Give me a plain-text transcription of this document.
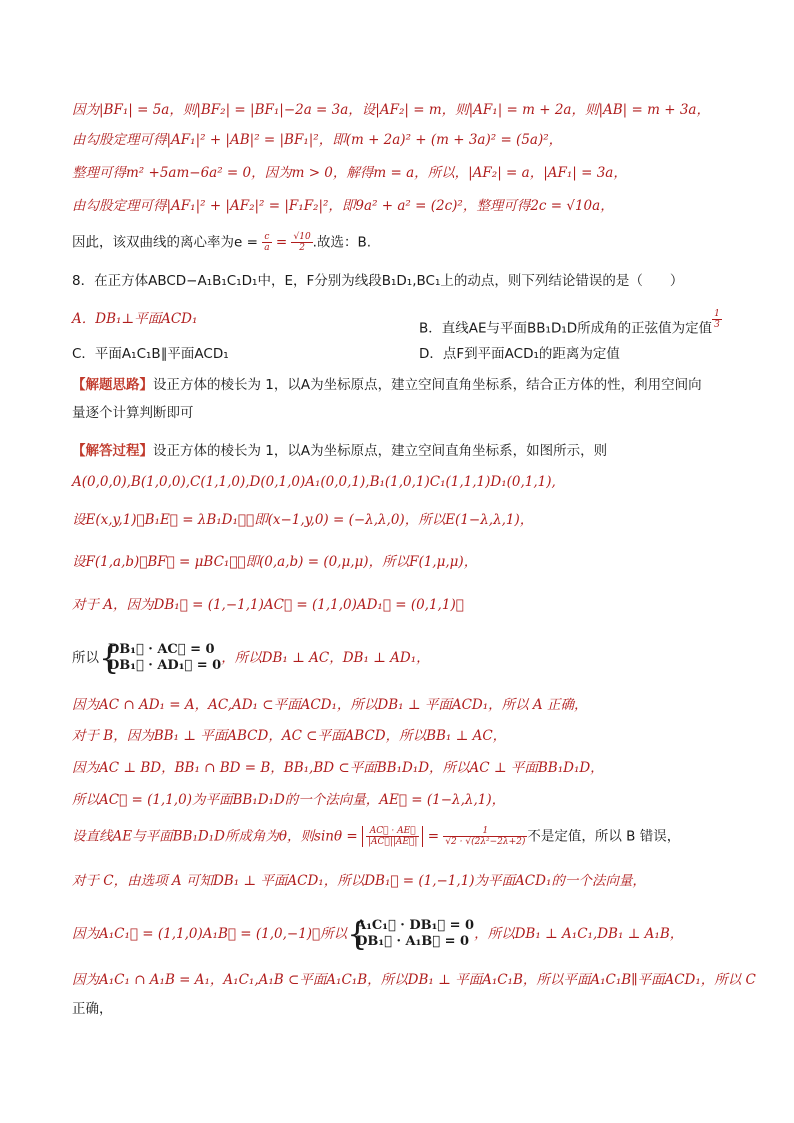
因为|BF₁| = 5a，则|BF₂| = |BF₁|−2a = 3a，设|AF₂| = m，则|AF₁| = m + 2a，则|AB| = m + 3a，
由勾股定理可得|AF₁|² + |AB|² = |BF₁|²，即(m + 2a)² + (m + 3a)² = (5a)²，
整理可得m² +5am−6a² = 0，因为m > 0，解得m = a，所以，|AF₂| = a，|AF₁| = 3a，
由勾股定理可得|AF₁|² + |AF₂|² = |F₁F₂|²，即9a² + a² = (2c)²，整理可得2c = √10a，
因此，该双曲线的离心率为$e = \frac{c}{a} = \frac{√10}{2}$ .故选：B.
8．在正方体ABCD−A₁B₁C₁D₁中，E，F分别为线段B₁D₁,BC₁上的动点，则下列结论错误的是（　　）
A．DB₁⊥平面ACD₁
B．直线AE与平面BB₁D₁D所成角的正弦值为定值 $\frac{1}{3}$
C．平面A₁C₁B∥平面ACD₁	D．点F到平面ACD₁的距离为定值
【解题思路】设正方体的棱长为 1，以A为坐标原点，建立空间直角坐标系，结合正方体的性，利用空间向
量逐个计算判断即可
【解答过程】设正方体的棱长为 1，以A为坐标原点，建立空间直角坐标系，如图所示，则
A(0,0,0),B(1,0,0),C(1,1,0),D(0,1,0)A₁(0,0,1),B₁(1,0,1)C₁(1,1,1)D₁(0,1,1),
设E(x,y,1)，B₁E⃗ = λB₁D₁⃗，即(x−1,y,0) = (−λ,λ,0)，所以E(1−λ,λ,1)，
设F(1,a,b)，BF⃗ = μBC₁⃗，即(0,a,b) = (0,μ,μ)，所以F(1,μ,μ)，
对于 A，因为DB₁⃗ = (1,−1,1)AC⃗ = (1,1,0)AD₁⃗ = (0,1,1)，
所以 {
DB₁⃗ · AC⃗ = 0
DB₁⃗ · AD₁⃗ = 0 ，所以DB₁ ⊥ AC，DB₁ ⊥ AD₁，
因为AC ∩ AD₁ = A，AC,AD₁ ⊂平面ACD₁，所以DB₁ ⊥ 平面ACD₁，所以 A 正确，
对于 B，因为BB₁ ⊥ 平面ABCD，AC ⊂平面ABCD，所以BB₁ ⊥ AC，
因为AC ⊥ BD，BB₁ ∩ BD = B，BB₁,BD ⊂平面BB₁D₁D，所以AC ⊥ 平面BB₁D₁D，
所以AC⃗ = (1,1,0)为平面BB₁D₁D的一个法向量，AE⃗ = (1−λ,λ,1)，
设直线AE与平面BB₁D₁D所成角为θ，则$\sin\theta = \frac{AC⃗ \cdot AE⃗}{|AC⃗||AE⃗|} = \frac{1}{\text{√2 · √(2λ²−2λ+2)}}$ 不是定值，所以 B 错误，
对于 C，由选项 A 可知DB₁ ⊥ 平面ACD₁，所以DB₁⃗ = (1,−1,1)为平面ACD₁的一个法向量，
因为A₁C₁⃗ = (1,1,0)A₁B⃗ = (1,0,−1)，所以 {
A₁C₁⃗ · DB₁⃗ = 0
DB₁⃗ · A₁B⃗ = 0 ，所以DB₁ ⊥ A₁C₁,DB₁ ⊥ A₁B，
因为A₁C₁ ∩ A₁B = A₁，A₁C₁,A₁B ⊂平面A₁C₁B，所以DB₁ ⊥ 平面A₁C₁B，所以平面A₁C₁B∥平面ACD₁，所以 C
正确，
